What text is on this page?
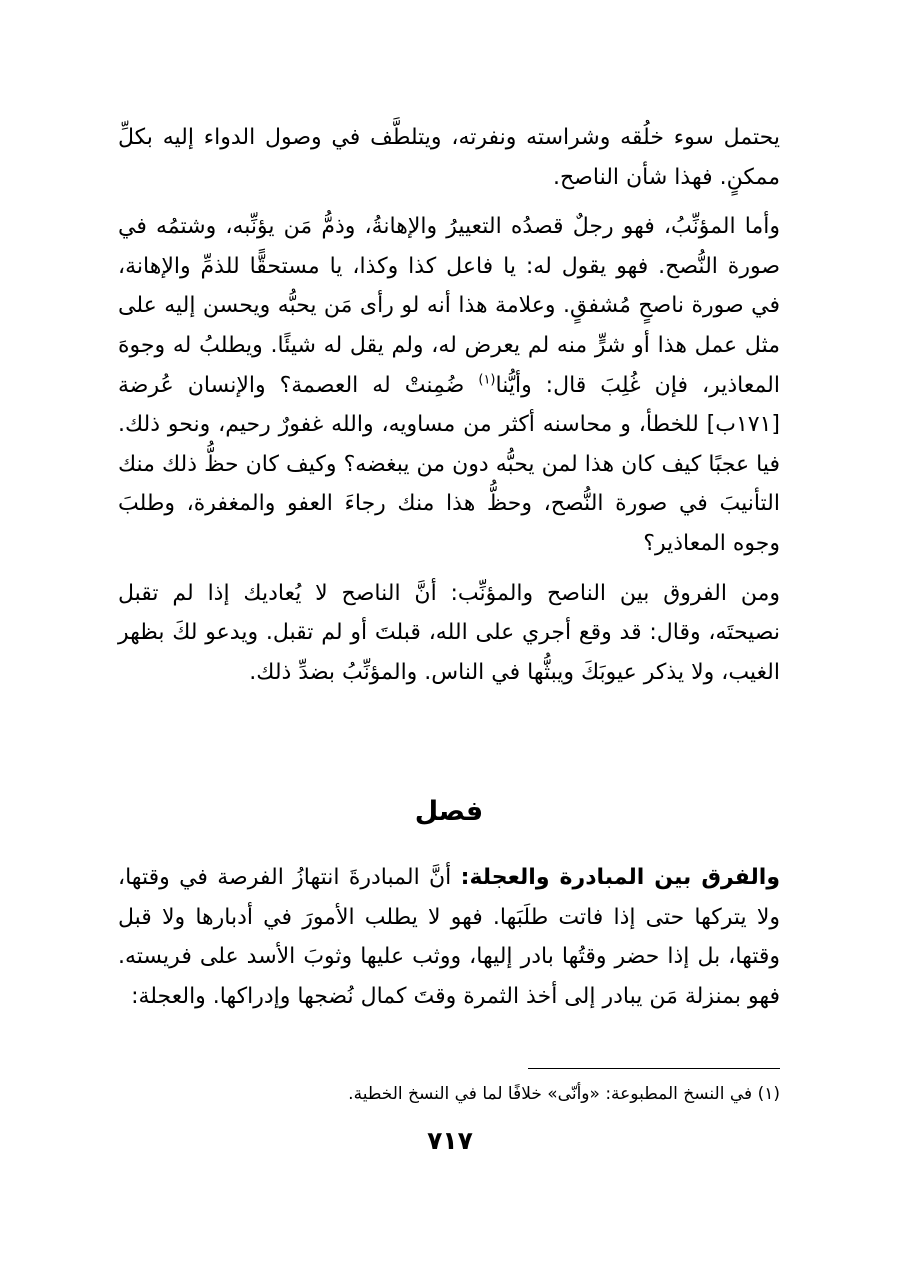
يحتمل سوء خلُقه وشراسته ونفرته، ويتلطَّف في وصول الدواء إليه بكلِّ ممكنٍ. فهذا شأن الناصح.

وأما المؤنِّبُ، فهو رجلٌ قصدُه التعييرُ والإهانةُ، وذمُّ مَن يؤنِّبه، وشتمُه في صورة النُّصح. فهو يقول له: يا فاعل كذا وكذا، يا مستحقًّا للذمِّ والإهانة، في صورة ناصحٍ مُشفقٍ. وعلامة هذا أنه لو رأى مَن يحبُّه ويحسن إليه على مثل عمل هذا أو شرٍّ منه لم يعرض له، ولم يقل له شيئًا. ويطلبُ له وجوهَ المعاذير، فإن غُلِبَ قال: وأيُّنا$^{(١)}$ ضُمِنتْ له العصمة؟ والإنسان عُرضة [١٧١ب] للخطأ، و محاسنه أكثر من مساويه، والله غفورٌ رحيم، ونحو ذلك. فيا عجبًا كيف كان هذا لمن يحبُّه دون من يبغضه؟ وكيف كان حظُّ ذلك منك التأنيبَ في صورة النُّصح، وحظُّ هذا منك رجاءَ العفو والمغفرة، وطلبَ وجوه المعاذير؟

ومن الفروق بين الناصح والمؤنِّب: أنَّ الناصح لا يُعاديك إذا لم تقبل نصيحتَه، وقال: قد وقع أجري على الله، قبلتَ أو لم تقبل. ويدعو لكَ بظهر الغيب، ولا يذكر عيوبَكَ ويبثُّها في الناس. والمؤنِّبُ بضدِّ ذلك.

فصل

والفرق بين المبادرة والعجلة: أنَّ المبادرةَ انتهازُ الفرصة في وقتها، ولا يتركها حتى إذا فاتت طلَبَها. فهو لا يطلب الأمورَ في أدبارها ولا قبل وقتها، بل إذا حضر وقتُها بادر إليها، ووثب عليها وثوبَ الأسد على فريسته. فهو بمنزلة مَن يبادر إلى أخذ الثمرة وقتَ كمال نُضجها وإدراكها. والعجلة:

(١) في النسخ المطبوعة: «وأنّى» خلافًا لما في النسخ الخطية.

٧١٧
